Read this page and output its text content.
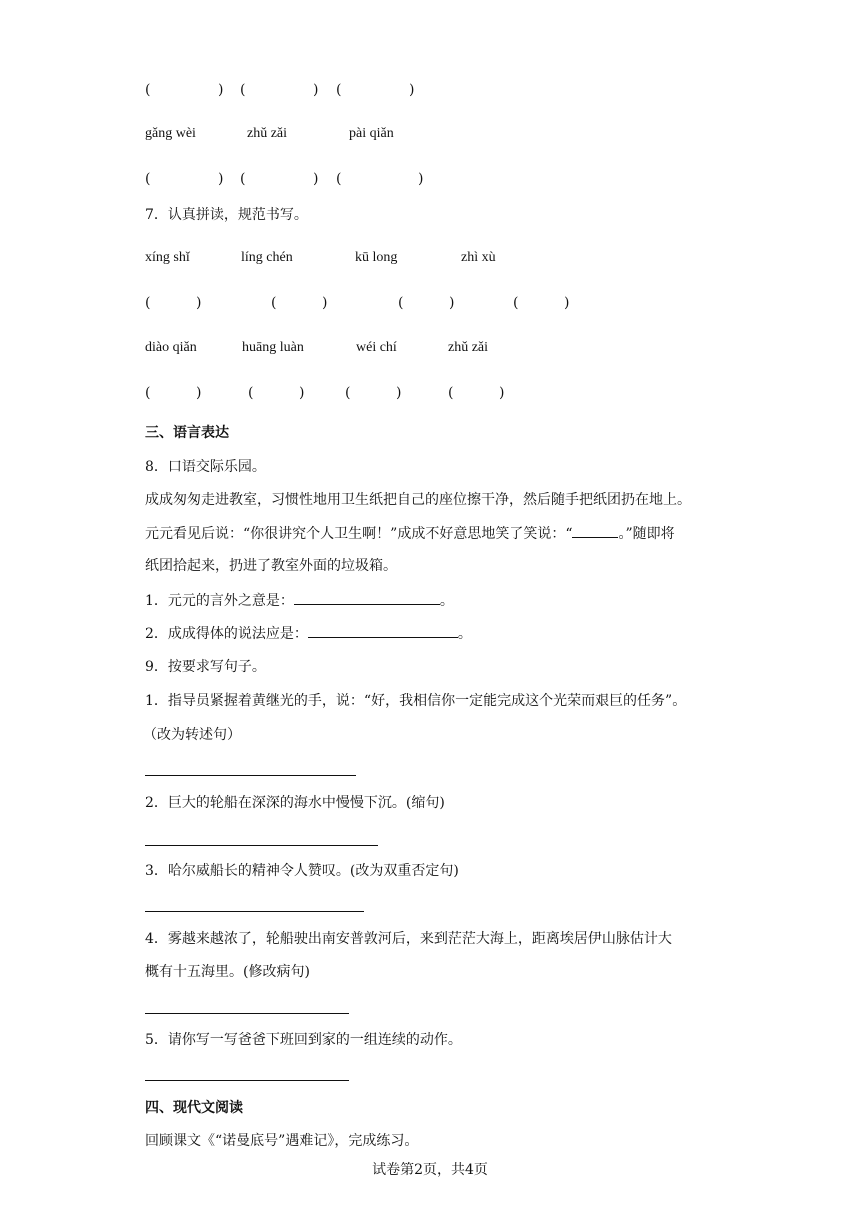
(	) (	) (	)
gǎng wèi	zhǔ zǎi	pài qiǎn
(	) (	) (	)
7．认真拼读，规范书写。
xíng shǐ	líng chén	kū long	zhì xù
(	)	(	)	(	)	(	)
diào qiǎn	huāng luàn	wéi chí	zhǔ zǎi
(	)	(	)	(	)	(	)
三、语言表达
8．口语交际乐园。
成成匆匆走进教室，习惯性地用卫生纸把自己的座位擦干净，然后随手把纸团扔在地上。
元元看见后说：“你很讲究个人卫生啊！”成成不好意思地笑了笑说：“	。”随即将
纸团拾起来，扔进了教室外面的垃圾箱。
1．元元的言外之意是：	。
2．成成得体的说法应是：	。
9．按要求写句子。
1．指导员紧握着黄继光的手，说：“好，我相信你一定能完成这个光荣而艰巨的任务”。
（改为转述句）
2．巨大的轮船在深深的海水中慢慢下沉。(缩句)
3．哈尔威船长的精神令人赞叹。(改为双重否定句)
4．雾越来越浓了，轮船驶出南安普敦河后，来到茫茫大海上，距离埃居伊山脉估计大
概有十五海里。(修改病句)
5．请你写一写爸爸下班回到家的一组连续的动作。
四、现代文阅读
回顾课文《“诺曼底号”遇难记》，完成练习。
试卷第2页，共4页
